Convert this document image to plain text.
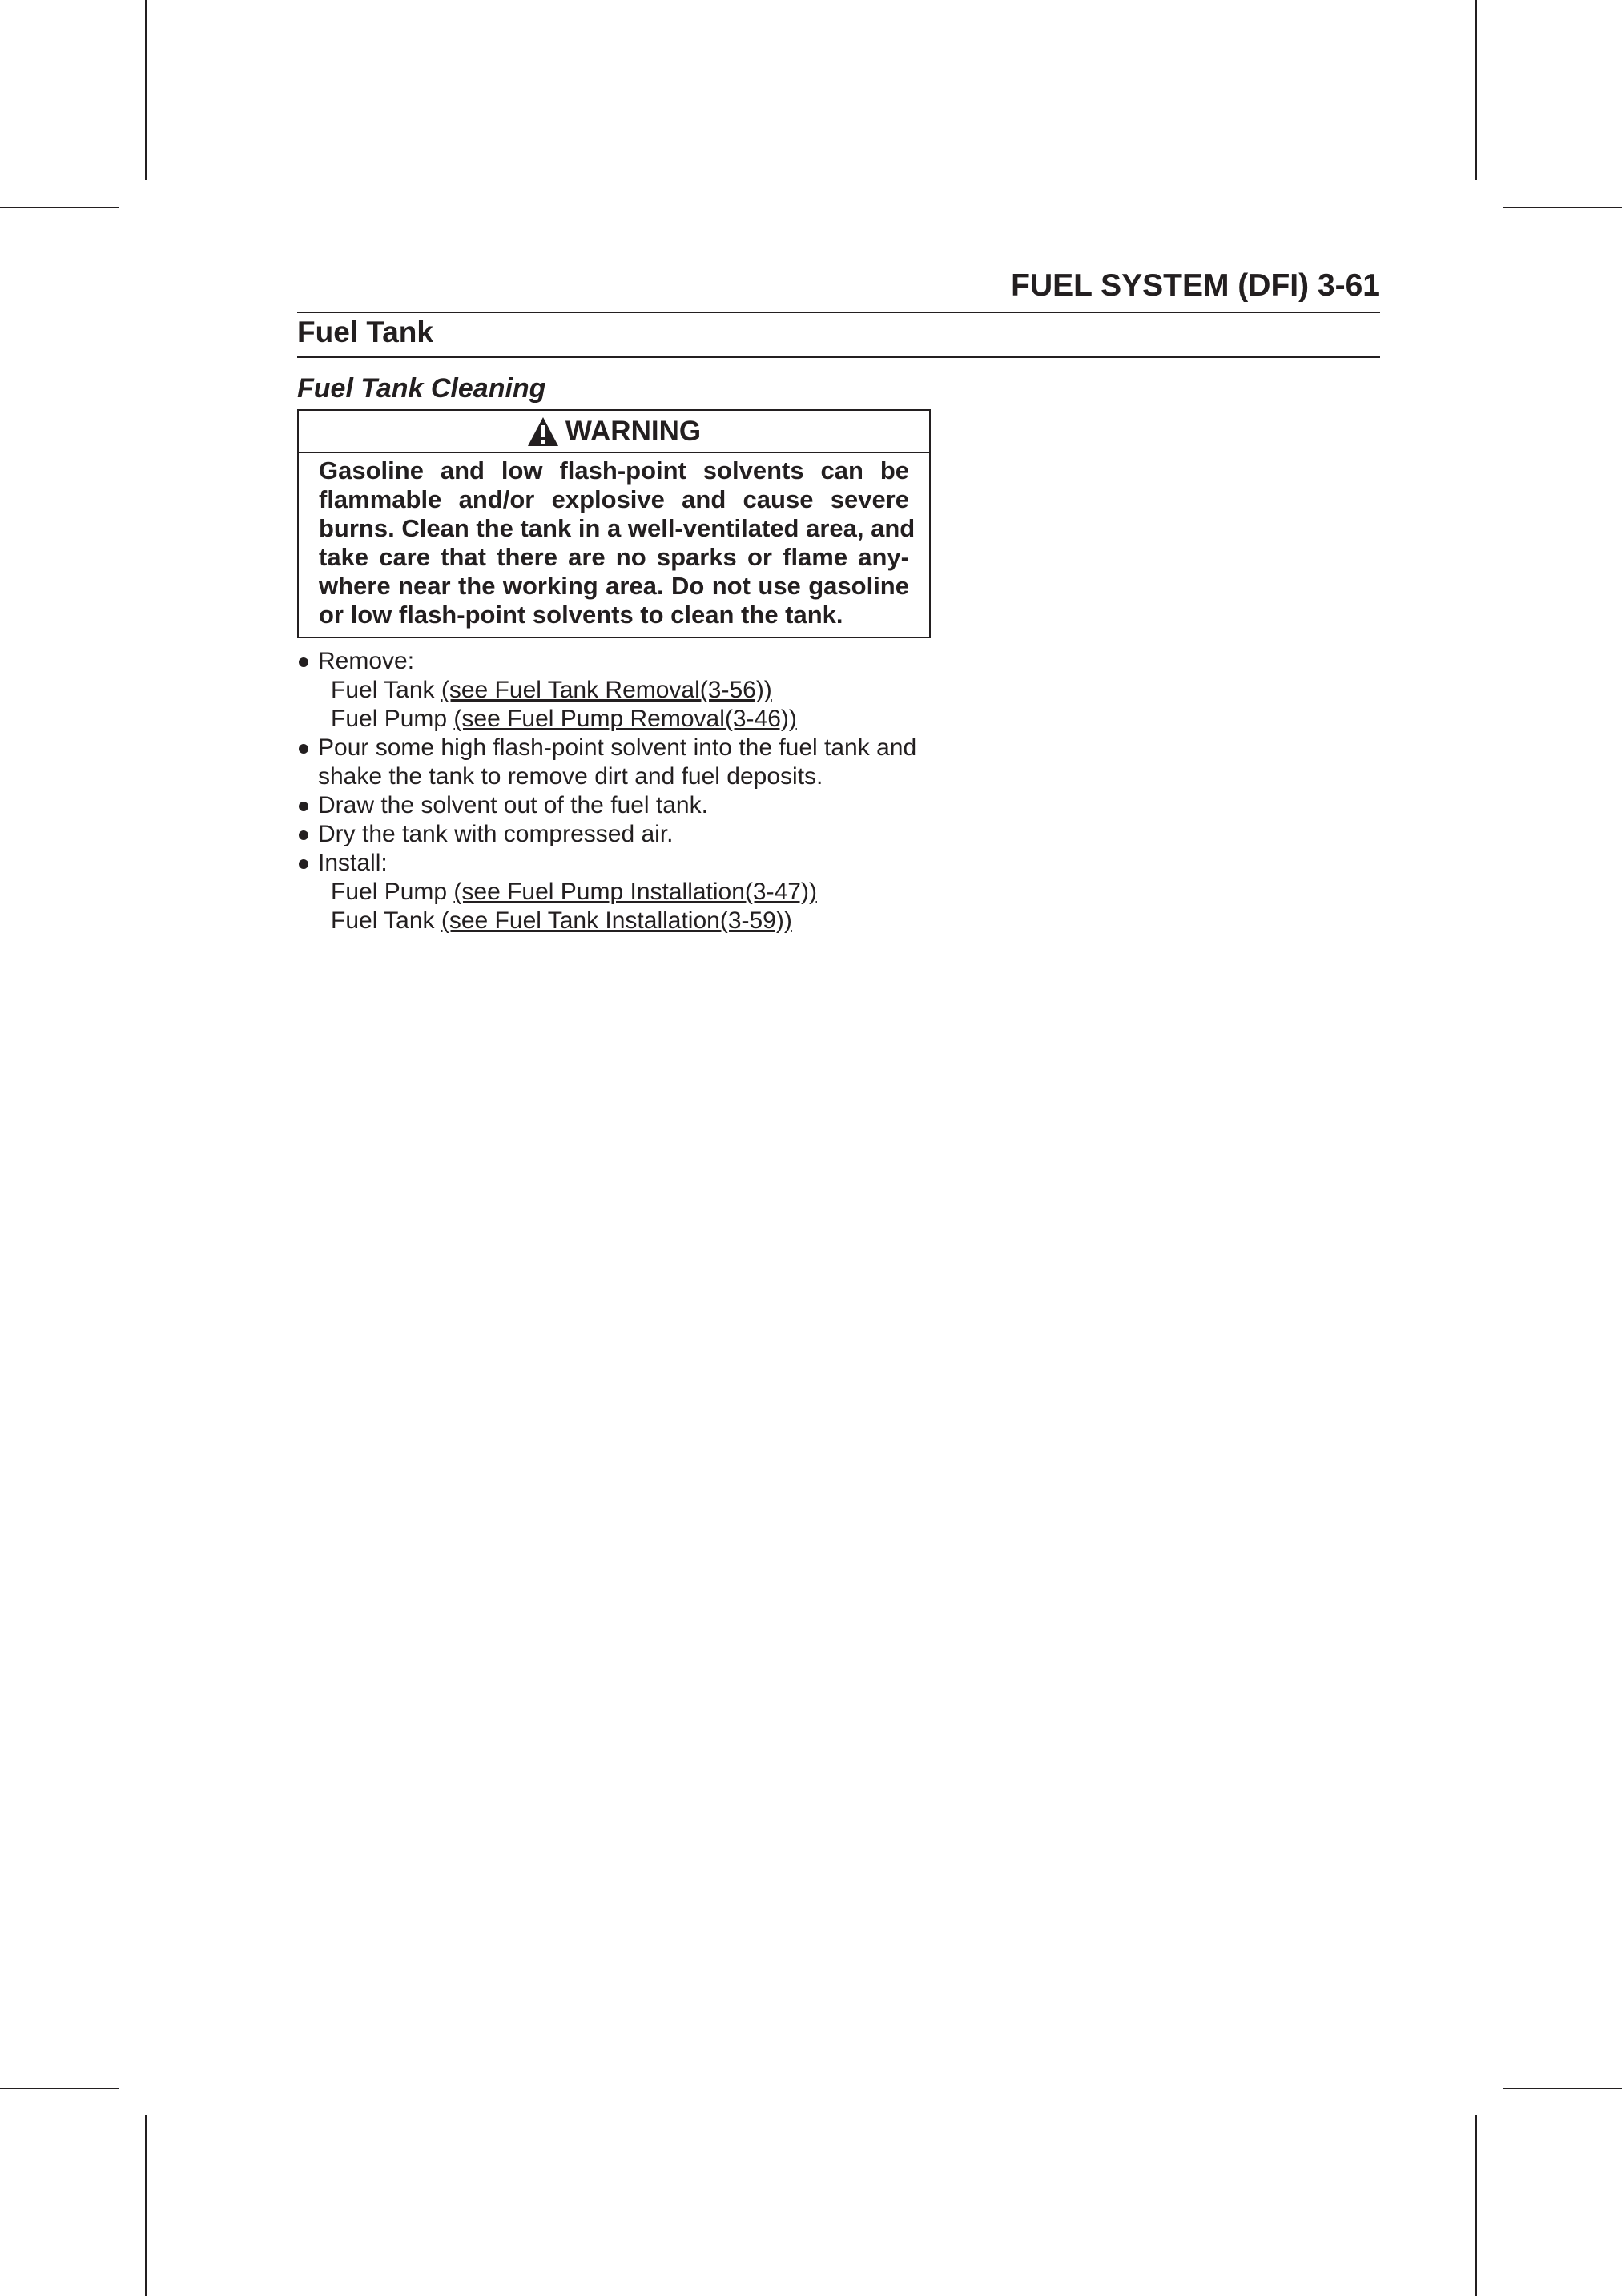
FUEL SYSTEM (DFI) 3-61
Fuel Tank
Fuel Tank Cleaning
WARNING
Gasoline and low flash-point solvents can be
flammable and/or explosive and cause severe
burns. Clean the tank in a well-ventilated area, and
take care that there are no sparks or flame any-
where near the working area. Do not use gasoline
or low flash-point solvents to clean the tank.
Remove:
Fuel Tank (see Fuel Tank Removal(3-56))
Fuel Pump (see Fuel Pump Removal(3-46))
Pour some high flash-point solvent into the fuel tank and
shake the tank to remove dirt and fuel deposits.
Draw the solvent out of the fuel tank.
Dry the tank with compressed air.
Install:
Fuel Pump (see Fuel Pump Installation(3-47))
Fuel Tank (see Fuel Tank Installation(3-59))
